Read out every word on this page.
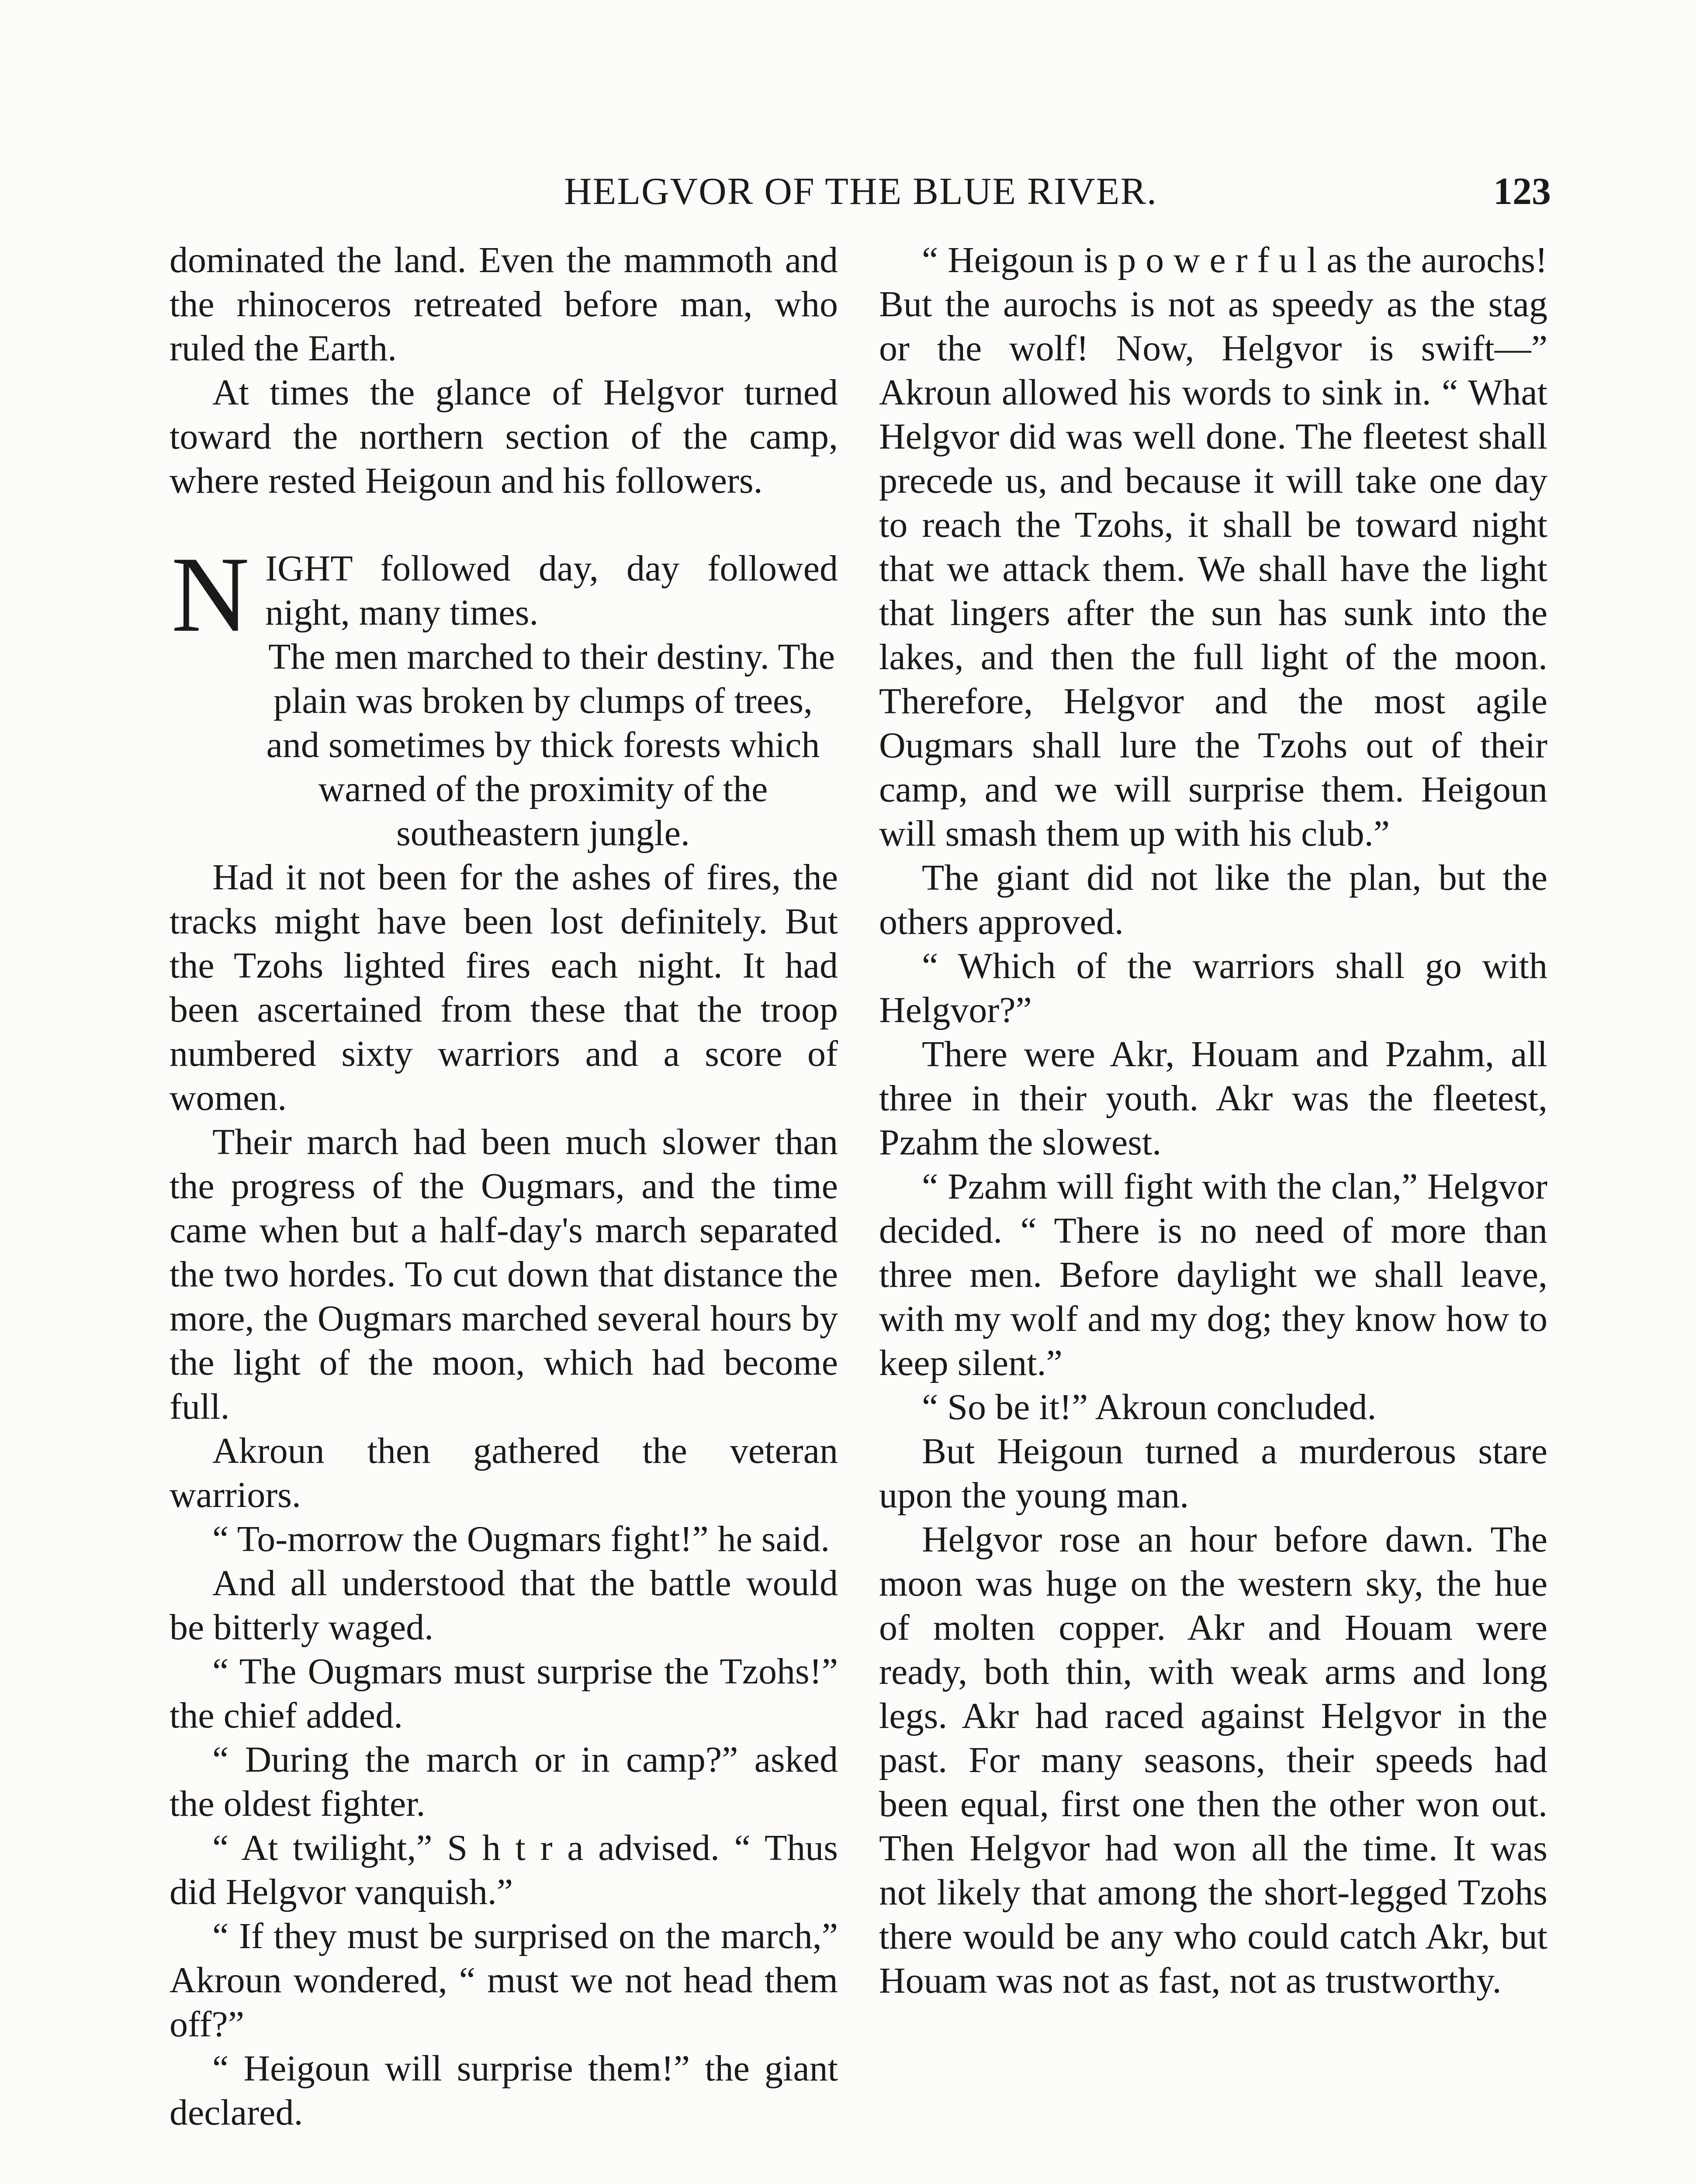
HELGVOR OF THE BLUE RIVER.	123

dominated the land. Even the mammoth and the rhinoceros retreated before man, who ruled the Earth.

At times the glance of Helgvor turned toward the northern section of the camp, where rested Heigoun and his followers.

NIGHT followed day, day followed night, many times.
The men marched to their destiny. The plain was broken by clumps of trees, and sometimes by thick forests which warned of the proximity of the southeastern jungle.

Had it not been for the ashes of fires, the tracks might have been lost definitely. But the Tzohs lighted fires each night. It had been ascertained from these that the troop numbered sixty warriors and a score of women.

Their march had been much slower than the progress of the Ougmars, and the time came when but a half-day's march separated the two hordes. To cut down that distance the more, the Ougmars marched several hours by the light of the moon, which had become full.

Akroun then gathered the veteran warriors.

“ To-morrow the Ougmars fight!” he said.

And all understood that the battle would be bitterly waged.

“ The Ougmars must surprise the Tzohs!” the chief added.

“ During the march or in camp?” asked the oldest fighter.

“ At twilight,” S h t r a advised. “ Thus did Helgvor vanquish.”

“ If they must be surprised on the march,” Akroun wondered, “ must we not head them off?”

“ Heigoun will surprise them!” the giant declared.

“ Heigoun is p o w e r f u l as the aurochs! But the aurochs is not as speedy as the stag or the wolf! Now, Helgvor is swift—” Akroun allowed his words to sink in. “ What Helgvor did was well done. The fleetest shall precede us, and because it will take one day to reach the Tzohs, it shall be toward night that we attack them. We shall have the light that lingers after the sun has sunk into the lakes, and then the full light of the moon. Therefore, Helgvor and the most agile Ougmars shall lure the Tzohs out of their camp, and we will surprise them. Heigoun will smash them up with his club.”

The giant did not like the plan, but the others approved.

“ Which of the warriors shall go with Helgvor?”

There were Akr, Houam and Pzahm, all three in their youth. Akr was the fleetest, Pzahm the slowest.

“ Pzahm will fight with the clan,” Helgvor decided. “ There is no need of more than three men. Before daylight we shall leave, with my wolf and my dog; they know how to keep silent.”

“ So be it!” Akroun concluded.

But Heigoun turned a murderous stare upon the young man.

Helgvor rose an hour before dawn. The moon was huge on the western sky, the hue of molten copper. Akr and Houam were ready, both thin, with weak arms and long legs. Akr had raced against Helgvor in the past. For many seasons, their speeds had been equal, first one then the other won out. Then Helgvor had won all the time. It was not likely that among the short-legged Tzohs there would be any who could catch Akr, but Houam was not as fast, not as trustworthy.
